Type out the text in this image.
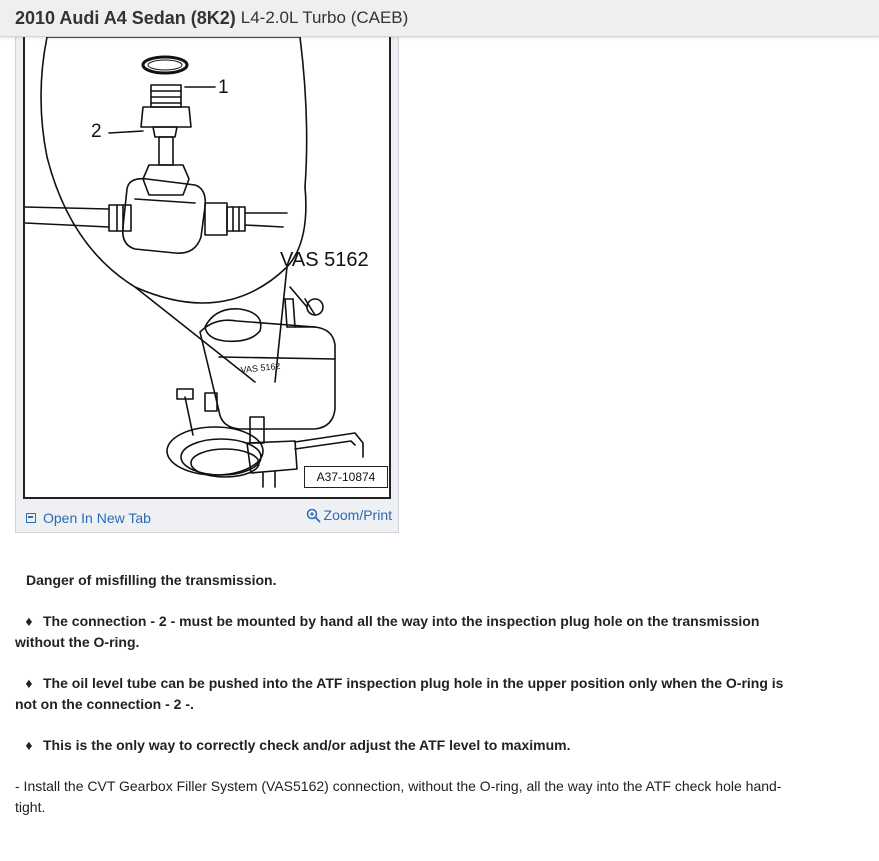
2010 Audi A4 Sedan (8K2) L4-2.0L Turbo (CAEB)
VAS 5162
1
2
VAS 5162
A37-10874
Open In New Tab	Zoom/Print
Danger of misfilling the transmission.
♦ The connection - 2 - must be mounted by hand all the way into the inspection plug hole on the transmission without the O-ring.
♦ The oil level tube can be pushed into the ATF inspection plug hole in the upper position only when the O-ring is not on the connection - 2 -.
♦ This is the only way to correctly check and/or adjust the ATF level to maximum.
- Install the CVT Gearbox Filler System (VAS5162) connection, without the O-ring, all the way into the ATF check hole hand-tight.
